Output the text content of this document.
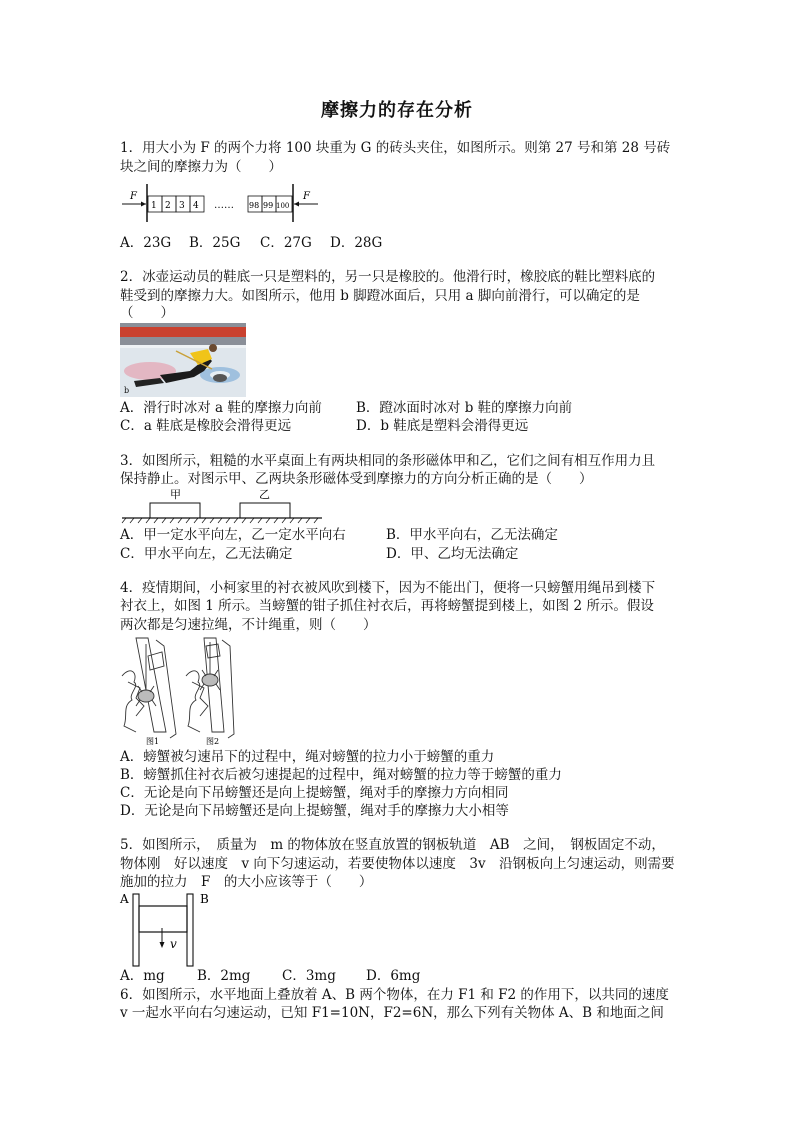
摩擦力的存在分析
1．用大小为 F 的两个力将 100 块重为 G 的砖头夹住，如图所示。则第 27 号和第 28 号砖
块之间的摩擦力为（　　）
F
1 2 3 4 …… 98 99 100
F
A．23G B．25G C．27G D．28G
2．冰壶运动员的鞋底一只是塑料的，另一只是橡胶的。他滑行时，橡胶底的鞋比塑料底的
鞋受到的摩擦力大。如图所示，他用 b 脚蹬冰面后，只用 a 脚向前滑行，可以确定的是
（　　）
b
A．滑行时冰对 a 鞋的摩擦力向前	B．蹬冰面时冰对 b 鞋的摩擦力向前
C．a 鞋底是橡胶会滑得更远	D．b 鞋底是塑料会滑得更远
3．如图所示，粗糙的水平桌面上有两块相同的条形磁体甲和乙，它们之间有相互作用力且
保持静止。对图示甲、乙两块条形磁体受到摩擦力的方向分析正确的是（　　）
甲	乙
A．甲一定水平向左，乙一定水平向右	B．甲水平向右，乙无法确定
C．甲水平向左，乙无法确定	D．甲、乙均无法确定
4．疫情期间，小柯家里的衬衣被风吹到楼下，因为不能出门，便将一只螃蟹用绳吊到楼下
衬衣上，如图 1 所示。当螃蟹的钳子抓住衬衣后，再将螃蟹提到楼上，如图 2 所示。假设
两次都是匀速拉绳，不计绳重，则（　　）
图1	图2
A．螃蟹被匀速吊下的过程中，绳对螃蟹的拉力小于螃蟹的重力
B．螃蟹抓住衬衣后被匀速提起的过程中，绳对螃蟹的拉力等于螃蟹的重力
C．无论是向下吊螃蟹还是向上提螃蟹，绳对手的摩擦力方向相同
D．无论是向下吊螃蟹还是向上提螃蟹，绳对手的摩擦力大小相等
5．如图所示，　质量为　m 的物体放在竖直放置的钢板轨道　AB　之间，　钢板固定不动，
物体刚　好以速度　v 向下匀速运动，若要使物体以速度　3v　沿钢板向上匀速运动，则需要
施加的拉力　F　的大小应该等于（　　）
A	B
v
A．mg B．2mg C．3mg D．6mg
6．如图所示，水平地面上叠放着 A、B 两个物体，在力 F1 和 F2 的作用下，以共同的速度
v 一起水平向右匀速运动，已知 F1=10N，F2=6N，那么下列有关物体 A、B 和地面之间
